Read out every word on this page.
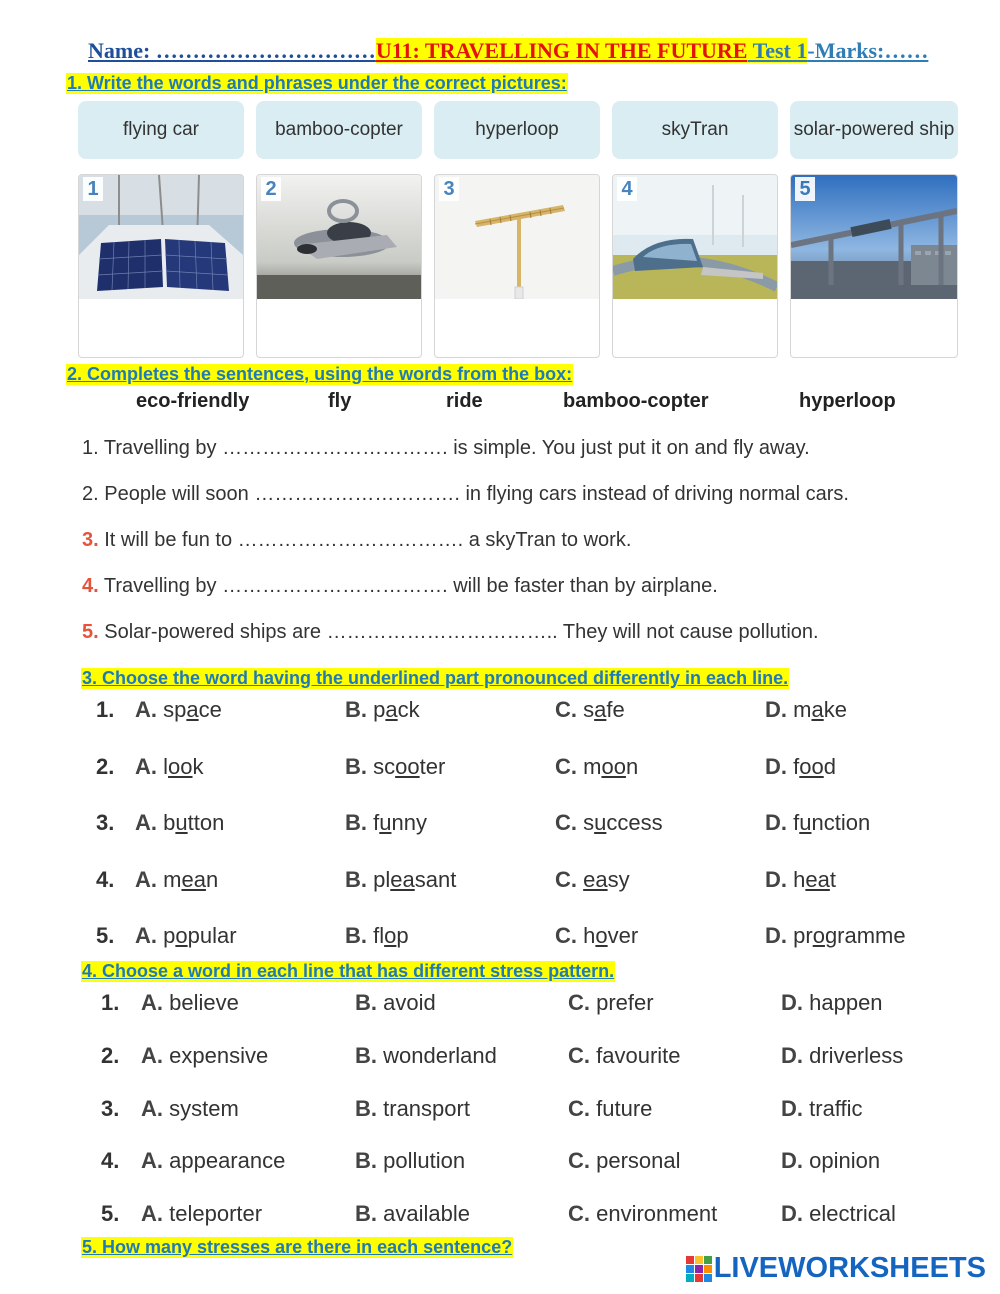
Name: …………………………U11: TRAVELLING IN THE FUTURE Test 1-Marks:……
1. Write the words and phrases under the correct pictures:
flying car	bamboo-copter	hyperloop	skyTran	solar-powered ship
1	2	3	4	5
2. Completes the sentences, using the words from the box:
eco-friendly	fly	ride	bamboo-copter	hyperloop
1. Travelling by ……………………………. is simple. You just put it on and fly away.
2. People will soon …………………………. in flying cars instead of driving normal cars.
3. It will be fun to ……………………………. a skyTran to work.
4. Travelling by ……………………………. will be faster than by airplane.
5. Solar-powered ships are …………………………….. They will not cause pollution.
3. Choose the word having the underlined part pronounced differently in each line.
1. A. space	B. pack	C. safe	D. make
2. A. look	B. scooter	C. moon	D. food
3. A. button	B. funny	C. success	D. function
4. A. mean	B. pleasant	C. easy	D. heat
5. A. popular	B. flop	C. hover	D. programme
4. Choose a word in each line that has different stress pattern.
1. A. believe	B. avoid	C. prefer	D. happen
2. A. expensive	B. wonderland	C. favourite	D. driverless
3. A. system	B. transport	C. future	D. traffic
4. A. appearance	B. pollution	C. personal	D. opinion
5. A. teleporter	B. available	C. environment	D. electrical
5. How many stresses are there in each sentence?
LIVEWORKSHEETS
